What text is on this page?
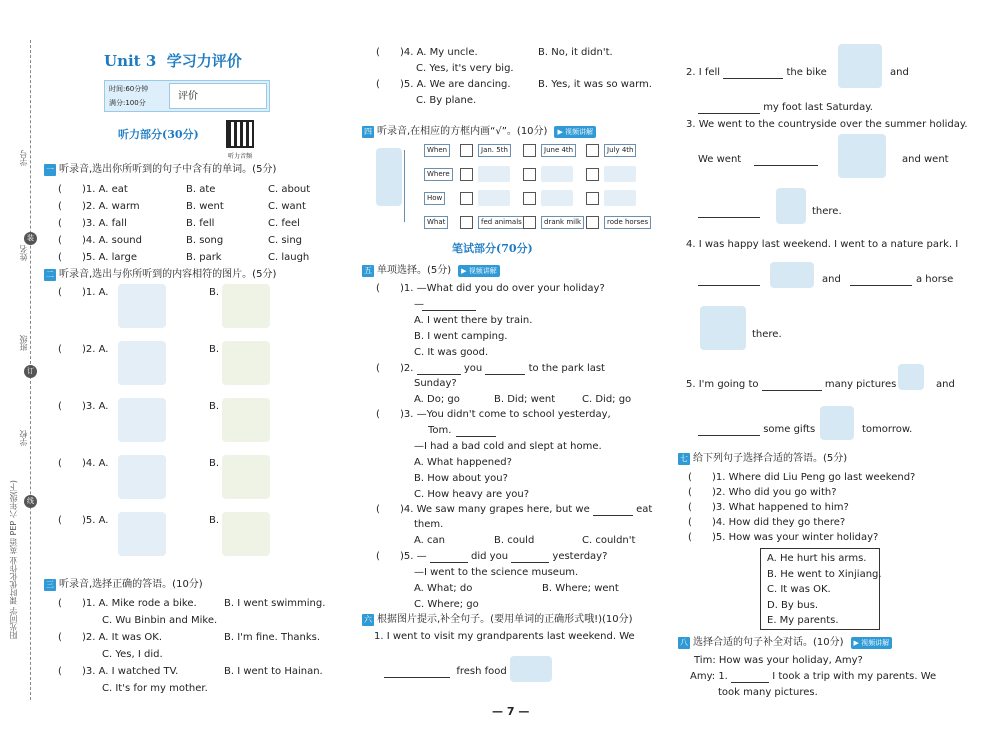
阳光同学 课时优化作业 英语 PEP 六年级(下)
学号
姓名
班级
学校
装
订
线
Unit 3 学习力评价
时间:60分钟
满分:100分
评价
听力部分(30分)
听力音频
一 听录音,选出你所听到的句子中含有的单词。(5分)
( )1. A. eat	B. ate	C. about
( )2. A. warm	B. went	C. want
( )3. A. fall	B. fell	C. feel
( )4. A. sound	B. song	C. sing
( )5. A. large	B. park	C. laugh
二 听录音,选出与你所听到的内容相符的图片。(5分)
( )1. A.	B.
( )2. A.	B.
( )3. A.	B.
( )4. A.	B.
( )5. A.	B.
三 听录音,选择正确的答语。(10分)
( )1. A. Mike rode a bike.	B. I went swimming.
C. Wu Binbin and Mike.
( )2. A. It was OK.	B. I'm fine. Thanks.
C. Yes, I did.
( )3. A. I watched TV.	B. I went to Hainan.
C. It's for my mother.
( )4. A. My uncle.	B. No, it didn't.
C. Yes, it's very big.
( )5. A. We are dancing.	B. Yes, it was so warm.
C. By plane.
四 听录音,在相应的方框内画“√”。(10分)	▶ 视频讲解
When	Jan. 5th	June 4th	July 4th
Where
How
What	fed animals	drank milk	rode horses
笔试部分(70分)
五 单项选择。(5分)	▶ 视频讲解
( )1. —What did you do over your holiday?
—
A. I went there by train.
B. I went camping.
C. It was good.
( )2.	you	to the park last
Sunday?
A. Do; go	B. Did; went	C. Did; go
( )3. —You didn't come to school yesterday,
Tom.
—I had a bad cold and slept at home.
A. What happened?
B. How about you?
C. How heavy are you?
( )4. We saw many grapes here, but we	eat
them.
A. can	B. could	C. couldn't
( )5. —	did you	yesterday?
—I went to the science museum.
A. What; do	B. Where; went
C. Where; go
六 根据图片提示,补全句子。(要用单词的正确形式哦!)(10分)
1. I went to visit my grandparents last weekend. We
fresh food
— 7 —
2. I fell	the bike	and
my foot last Saturday.
3. We went to the countryside over the summer holiday.
We went	and went
there.
4. I was happy last weekend. I went to a nature park. I
and	a horse
there.
5. I'm going to	many pictures	and
some gifts	tomorrow.
七 给下列句子选择合适的答语。(5分)
( )1. Where did Liu Peng go last weekend?
( )2. Who did you go with?
( )3. What happened to him?
( )4. How did they go there?
( )5. How was your winter holiday?
A. He hurt his arms.
B. He went to Xinjiang.
C. It was OK.
D. By bus.
E. My parents.
八 选择合适的句子补全对话。(10分)	▶ 视频讲解
Tim: How was your holiday, Amy?
Amy: 1.	I took a trip with my parents. We
took many pictures.
